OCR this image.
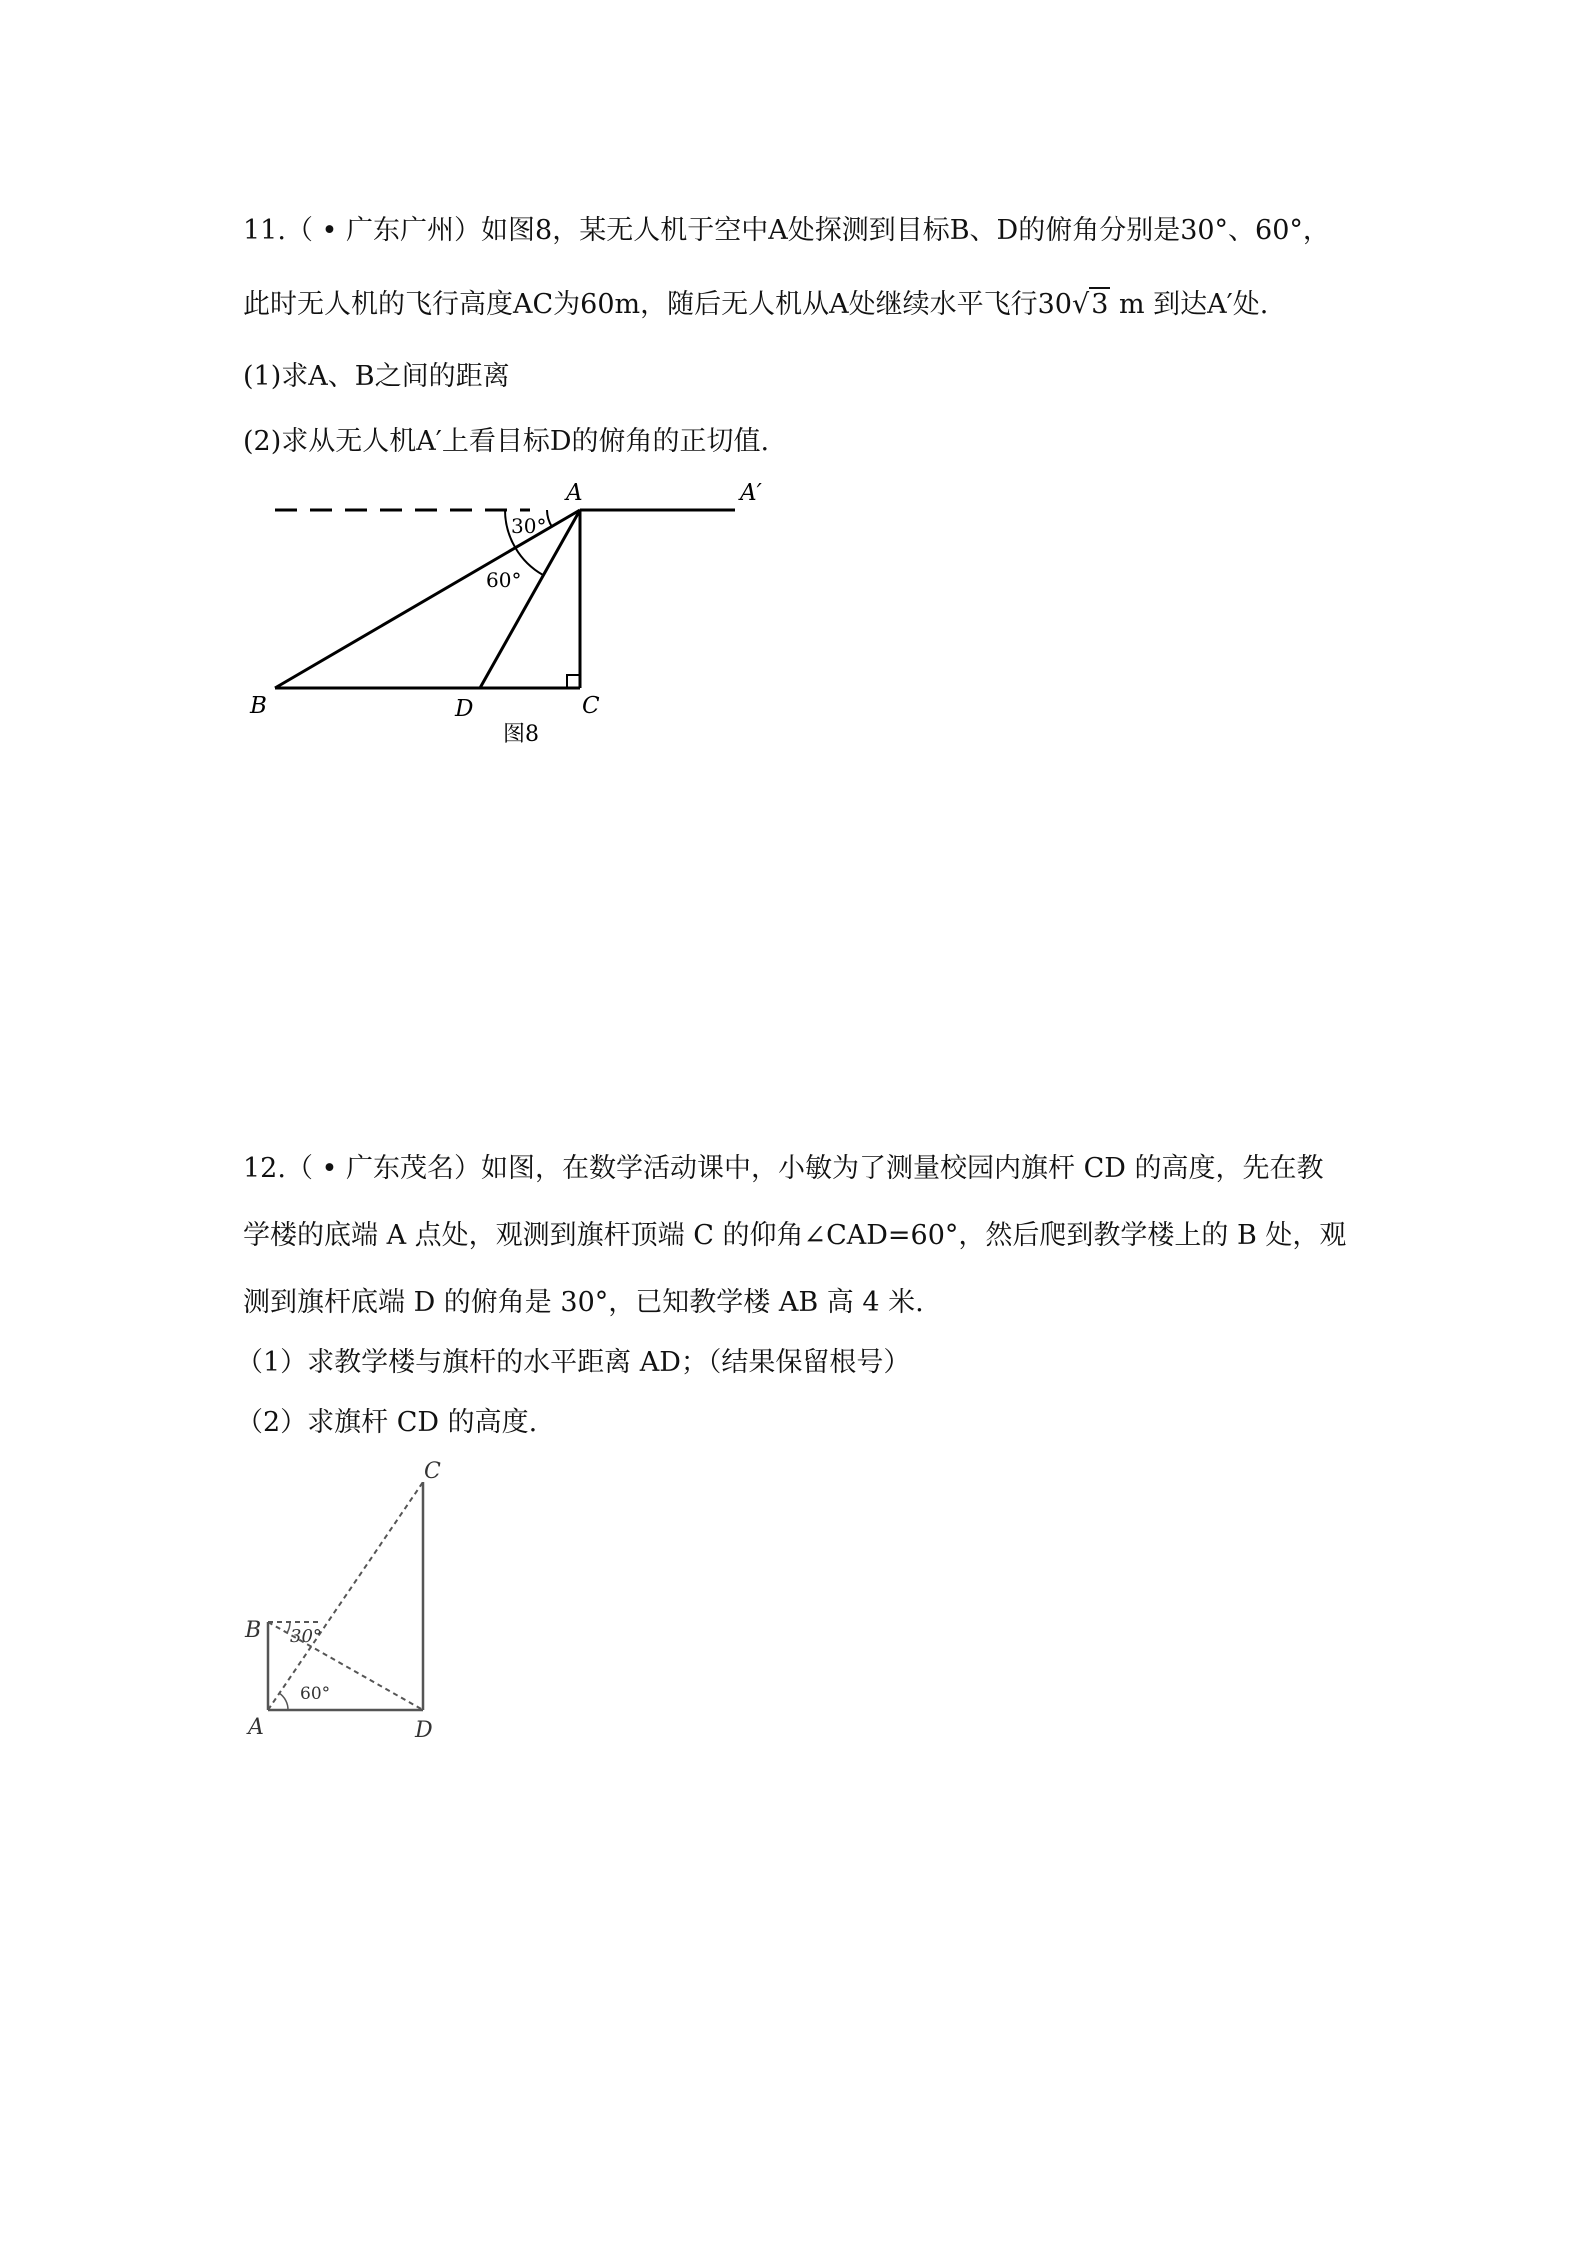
11.（ • 广东广州）如图8，某无人机于空中A处探测到目标B、D的俯角分别是30°、60°，
此时无人机的飞行高度AC为60m，随后无人机从A处继续水平飞行30√3 m 到达A′处.
(1)求A、B之间的距离
(2)求从无人机A′上看目标D的俯角的正切值.
A	A′
B	D	C
30°
60°
图8
C
B
A	D
30°
60°
12.（ • 广东茂名）如图，在数学活动课中，小敏为了测量校园内旗杆 CD 的高度，先在教
学楼的底端 A 点处，观测到旗杆顶端 C 的仰角∠CAD=60°，然后爬到教学楼上的 B 处，观
测到旗杆底端 D 的俯角是 30°，已知教学楼 AB 高 4 米.
（1）求教学楼与旗杆的水平距离 AD；（结果保留根号）
（2）求旗杆 CD 的高度.
